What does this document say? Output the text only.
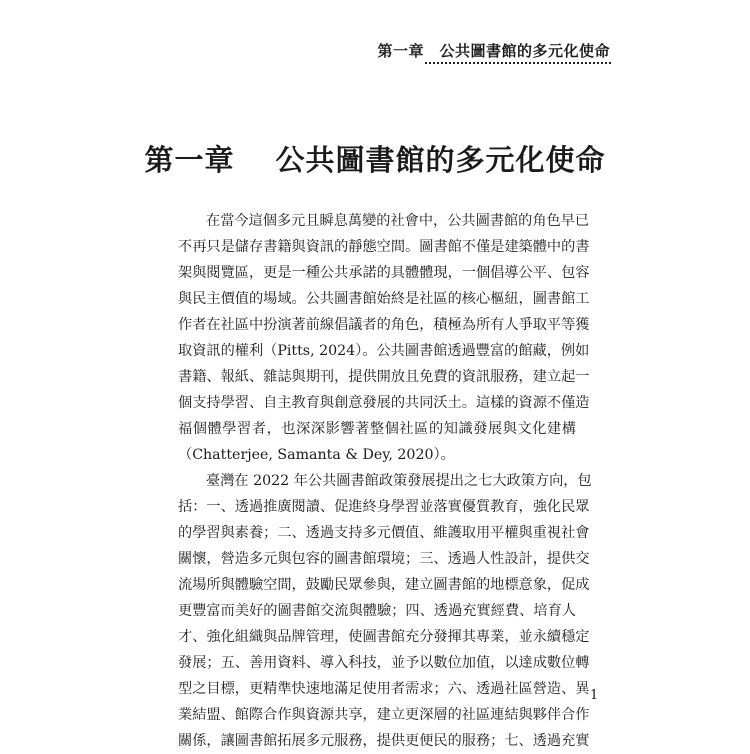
第一章　公共圖書館的多元化使命
第一章　 公共圖書館的多元化使命
在當今這個多元且瞬息萬變的社會中，公共圖書館的角色早已
不再只是儲存書籍與資訊的靜態空間。圖書館不僅是建築體中的書
架與閱覽區，更是一種公共承諾的具體體現，一個倡導公平、包容
與民主價值的場域。公共圖書館始終是社區的核心樞紐，圖書館工
作者在社區中扮演著前線倡議者的角色，積極為所有人爭取平等獲
取資訊的權利（Pitts, 2024）。公共圖書館透過豐富的館藏，例如
書籍、報紙、雜誌與期刊，提供開放且免費的資訊服務，建立起一
個支持學習、自主教育與創意發展的共同沃土。這樣的資源不僅造
福個體學習者，也深深影響著整個社區的知識發展與文化建構
（Chatterjee, Samanta & Dey, 2020）。
臺灣在 2022 年公共圖書館政策發展提出之七大政策方向，包
括：一、透過推廣閱讀、促進終身學習並落實優質教育，強化民眾
的學習與素養；二、透過支持多元價值、維護取用平權與重視社會
關懷，營造多元與包容的圖書館環境；三、透過人性設計，提供交
流場所與體驗空間，鼓勵民眾參與，建立圖書館的地標意象，促成
更豐富而美好的圖書館交流與體驗；四、透過充實經費、培育人
才、強化組織與品牌管理，使圖書館充分發揮其專業，並永續穩定
發展；五、善用資料、導入科技，並予以數位加值，以達成數位轉
型之目標，更精準快速地滿足使用者需求；六、透過社區營造、異
業結盟、館際合作與資源共享，建立更深層的社區連結與夥伴合作
關係，讓圖書館拓展多元服務，提供更便民的服務；七、透過充實
1
